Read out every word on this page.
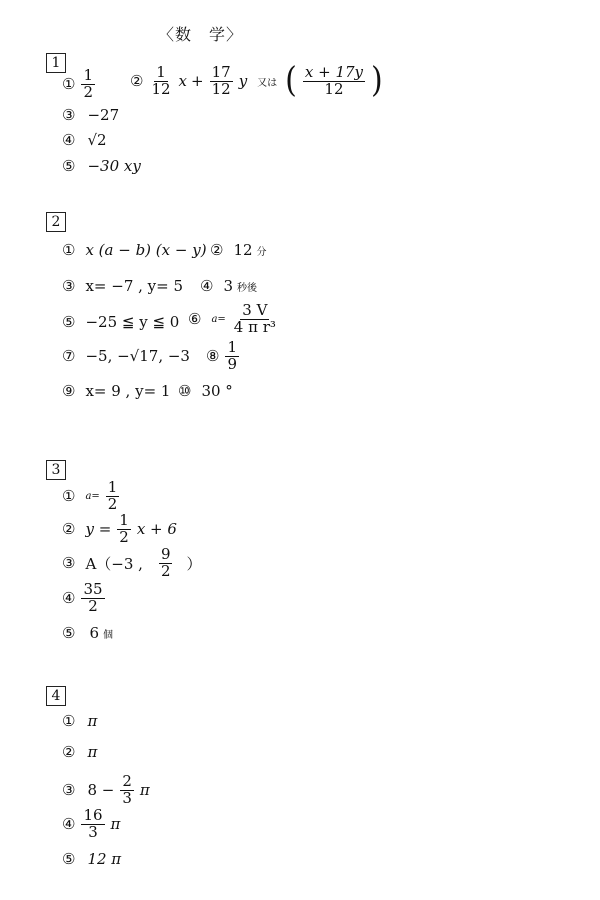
〈数　学〉
1
① $\frac{1}{2}$ ② $\frac{1}{12}$ $x + \frac{17}{12}$ y 又は ( $\frac{x + 17y}{12}$ )
③ −27
④ √2
⑤ −30 xy
2
① x (a − b) (x − y) ② 12 分
③ x= −7 , y= 5 ④ 3 秒後
⑤ −25 ≦ y ≦ 0 ⑥ $a= \frac{3 V}{\text{4 π r³}}$
⑦ −5, −√17, −3 ⑧ $\frac{1}{9}$
⑨ x= 9 , y= 1 ⑩ 30 °
3
① $a= \frac{1}{2}$
② $y = \frac{1}{2}$ x + 6
③ A（−3 , $\frac{9}{2}$ ）
④ $\frac{35}{2}$
⑤ 6 個
4
① π
② π
③ $8 - \frac{2}{3}$ π
④ $\frac{16}{3}$ π
⑤ 12 π
